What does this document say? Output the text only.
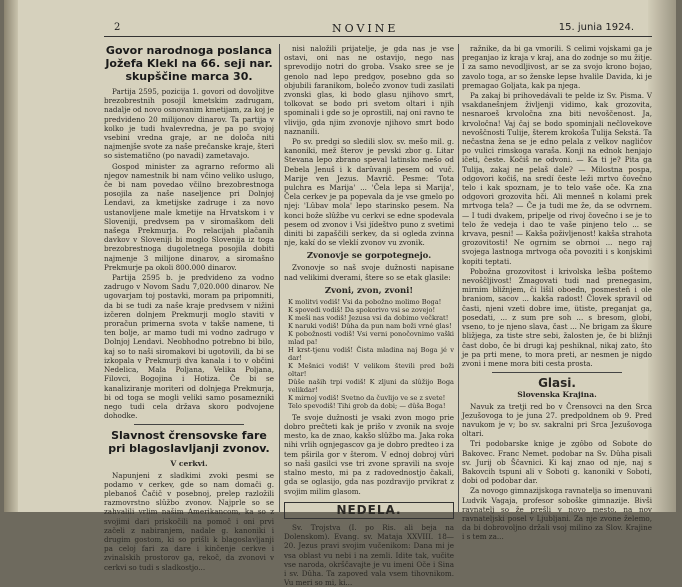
2	NOVINE	15. junia 1924.
Govor narodnoga poslanca Jožefa Klekl na 66. seji nar. skupščine marca 30.

Partija 2595, pozicija 1. govori od dovoljitve brezobrestnih posojil kmetskim zadrugam, nadalje od novo osnovanim kmetijam, za koj je predvideno 20 milijonov dinarov. Ta partija v kolko je tudi hvalevredna, je pa po svojoj vsebini vredna graje, ar ne določa niti najmenjše svote za naše prečanske kraje, šteri so sistematično (po navadi) zametavajo.

Gospod minister za agrarno reformo ali njegov namestnik bi nam včino veliko uslugo, če bi nam povedao včilno brezobrestnoga posojila za naše naseljence pri Dolnjoj Lendavi, za kmetijske zadruge i za novo ustanovljene male kmetije na Hrvatskom i v Sloveniji, predvsem pa v siromaškom deli našega Prekmurja. Po relacijah plačanih davkov v Sloveniji bi moglo Slovenija iz toga brezobrestnoga dugoletnega posojila dobiti najmenje 3 milijone dinarov, a siromašno Prekmurje pa okoli 800.000 dinarov.

Partija 2595 b. je predvideno za vodno zadrugo v Novom Sadu 7,020.000 dinarov. Ne ugovarjam toj postavki, moram pa pripomniti, da bi se tudi za naše kraje predvsem v nižini izčeren dolnjem Prekmurji moglo staviti v proračun primerna svota v takše namene, ti ten bolje, ar mamo tudi mi vodno zadrugo v Dolnjoj Lendavi. Neobhodno potrebno bi bilo, kaj so to naši siromakovi bi ugotovili, da bi se izkopala v Prekmurji dva kanala i to v občini Nedelica, Mala Poljana, Velika Poljana, Filovci, Bogojina i Hotiza. Če bi se kanaliziranje moriteri od dolnjega Prekmurja, bi od toga se mogli veliki samo posamezniki nego tudi cela država skoro podvojene dohodke.

Slavnost črensovske fare pri blagoslavljanji zvonov.
V cerkvi.

Napunjeni z sladkimi zvoki pesmi se podamo v cerkev, gde so nam domači g. plebanoš Čačič v posebnoj, prelep razložili razmovrstno slûžbo zvonov. Najprle so se zahvalili vrlim našim Amerikancom, ka so z svojimi dari priskočili na pomoč i oni prvi začeli z nabiranjem, nadale g. kanoniki i drugim gostom, ki so prišli k blagoslavljanji pa celoj fari za dare i kinčenje cerkve i zvinalskih prostorov ga, rekoč, da zvonovi v cerkvi so tudi s sladkostjo...

nisi naložili prijatelje, je gda nas je vse ostavi, oni nas ne ostavijo, nego nas sprevodijo notri do groba. Vsako sree se je genolo nad lepo predgov, posebno gda so objubili faranikom, bolečo zvonov tudi zasilati zvonski glas, ki bodo glasu njihovo smrt, tolkovat se bodo pri svetom oltari i njih spominali i gde so je oprostili, naj oni ravno te vlivijo, gda njim zvonovje njihovo smrt bodo naznanili.

Po sv. predgi so sledili slov. sv. mešo mil. g. kanoniki, mež šterov je pevski zbor g. Litar Stevana lepo zbrano speval latinsko mešo od Debela Jenuš i k darûvanji pesem od vuč. Marije ven Jezus. Mavrič. Pesme: 'Tota pulchra es Marija' ... 'Čela lepa si Marija', Čela cerkev je pa popevala da je vse gmelo po njej: 'Lûbav mola' lepo starinsko pesem. Na konci bože slûžbe vu cerkvi se edne spodevala pesem od zvonov i Vsi jídeštvo puno z svetimi diniti bi zapaščili serkev, da si ogleda zvinna nje, kakí do se vleklí zvonov vu zvonik.

Zvonovje se gorpotegnejo.

Zvonovje so naš svoje dužnosti napisane nad velikimi dverami, štere so se etak glasile:

Zvoni, zvon, zvoni!
K molitvi vodiš! Vsi da pobožno molimo Boga!
K spovedi vodiš! Da spokorivo vsi se zovejo!
K meši nas vodiš! Jezusa vsi da dobimo večkrat!
K naruki vodiš! Dûha da pun nam boži vrné glas!
K pobožnosti vodiš! Vsi verni ponočovnimo vaški mlad pa!
H krst-tjenu vodiš! Čista mladina naj Boga jé v dar!
K Mešnici vodiš! V velikom števili pred boži oltar!
Dûše naših trpi vodiš! K zljuni da slûžijo Boga velikdar!
K mirnoj vodiš! Svetno da čuvlijo ve se z svete!
Telo spevodiš! Tihi grob da dobi; — dûša Boga!

Te svoje dužnosti je vsaki zvon mogo prie dobro prečteti kak je prišo v zvonik na svoje mesto, ka de znao, kakšo slûžbo ma. Jaka roka nihi vrlih ognjegascov ga je dobro predteo i za tem pširila gor v šterom. V ednoj dobroj vûri so naši gasilci vse tri zvone spravili na svoje stalno mesto, mi pa z radovednostjo čakali, gda se oglasijo, gda nas pozdravijo prvikrat z svojim milim glasom.

NEDELA.

Sv. Trojstva (I. po Ris. ali beja na Dolenskom). Evang. sv. Mataja XXVIII. 18—20. Jezus pravi svojim vučenikom: Dana mi je vsa oblast vu nebi i na zemli. Idite tak, vučite vse naroda, okrščavajte je vu imeni Oče i Sina i sv. Dûha. Ta zapoved vala vsem tihovnikom. Vu meri so mi, ki...

ražnike, da bi ga vmorili. S celimi vojskami ga je preganjao iz kraja v kraj, ana do zodnje so mu žitje. I za samo nevodljivost, ar se za svojo krono bojao, zavolo toga, ar so ženske lepse hvalile Davida, ki je premagao Goljata, kak pa njega.

Pa zakaj bi prihovedávali te pelde iz Sv. Pisma. V vsakdanešnjem življenji vidimo, kak grozovita, nesnaroeš krvoločna zna biti nevoščenost. Ja, krvoločna! Vaj čaj se bodo spominjali nečlovekove nevoščnosti Tulije, šterem krokoša Tulija Sekstá. Ta nečastna žena se je edno pelala z velkov nagličov po vulici rimskoga varaša. Konji na ednok henjajo ičeti, česte. Kočiš ne odvoni. — Ka ti je? Pita ga Tulija, zakaj ne pelaš dale? — Milostna pospa, odgovori kočiš, na sredí česte leži mrtvo čovečno telo i kak spoznam, je to telo vaše oče. Ka zna odgovori grozovita hči. Ali menneš n kolami prek mrtvoga tela? — Če ja tudi me že, da se odvrnem. — I tudi dvakem, pripelje od rivoj čovečno i se je to telo že vedeja i dao te vaše pinjeno telo ... se krvava, pesni! — Kakša poživljenost! kakša strahota grozovitosti! Ne ogrnim se obrnoi ... nego raj svojega lastnoga mrtvoga oča povoziti i s konjskimi kopiti teptati.

Pobožna grozovitost i krivolska lešba poštemo nevoščljivost! Zmagovati tudi nad prenegasim, mirnim bližnjem, či lišil oboedn, posmesteň i ole braniom, sacov ... kakša radost! Človek spravil od časti, njeni vzeti dobre ime, ütiste, preganjat ga, posedati, ... z sum pre soh ... s bresom, globi, vseno, to je njeno slava, čast ... Ne brigam za škure bližjega, za tiste stre sebi, žalosten je, če bi bližnji čast dobo, če bi drugi kaj peshiknal, nikaj zato, što je pa prti mene, to mora preti, ar nesmen je nigdo zvoni i mene mora biti cesta prosta.

Glasi.
Slovenska Krajina.

Navuk za tretji red bo v Črensovci na den Srca Jezušovoga to je juna 27. predpoldnem ob 9. Pred navukom je v; bo sv. sakralni pri Srca Jezušovoga oltari.

Tri podobarske knige je zgôbo od Sobote do Bakovec. Franc Nemet. podobar na Sv. Dûha pisali sv. Jurij ob Ščavnici. Ki kaj znao od nje, naj s Bakovcih tspuni ali v Soboti g. kanoniki v Soboti, dobi od podobar dar.

Za novogo gimnazijskoga ravnatelja so imenuvani Ludvik Vagaja, profesor soboške gimnazije. Bivši ravnatelj so že prešli v novo mesto, na nov ravnateljski posel v Ljubljani. Za nje zvone želemo, da bi dobrovoljno držali vsoj milino za Slov. Krajine i s tem za...
